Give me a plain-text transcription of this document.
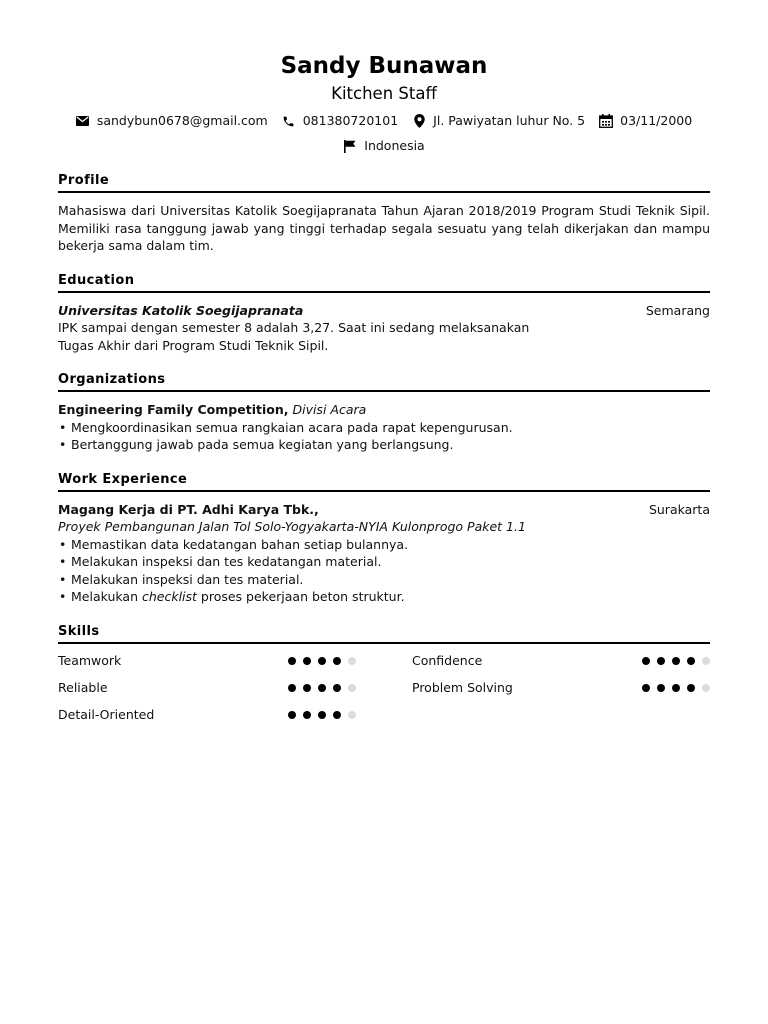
Sandy Bunawan
Kitchen Staff
sandybun0678@gmail.com	081380720101	Jl. Pawiyatan luhur No. 5	03/11/2000
Indonesia
Profile
Mahasiswa dari Universitas Katolik Soegijapranata Tahun Ajaran 2018/2019 Program Studi Teknik Sipil. Memiliki rasa tanggung jawab yang tinggi terhadap segala sesuatu yang telah dikerjakan dan mampu bekerja sama dalam tim.
Education
Universitas Katolik Soegijapranata	Semarang
IPK sampai dengan semester 8 adalah 3,27. Saat ini sedang melaksanakan Tugas Akhir dari Program Studi Teknik Sipil.
Organizations
Engineering Family Competition, Divisi Acara
• Mengkoordinasikan semua rangkaian acara pada rapat kepengurusan.
• Bertanggung jawab pada semua kegiatan yang berlangsung.
Work Experience
Magang Kerja di PT. Adhi Karya Tbk.,	Surakarta
Proyek Pembangunan Jalan Tol Solo-Yogyakarta-NYIA Kulonprogo Paket 1.1
• Memastikan data kedatangan bahan setiap bulannya.
• Melakukan inspeksi dan tes kedatangan material.
• Melakukan inspeksi dan tes material.
• Melakukan checklist proses pekerjaan beton struktur.
Skills
Teamwork	Confidence
Reliable	Problem Solving
Detail-Oriented
